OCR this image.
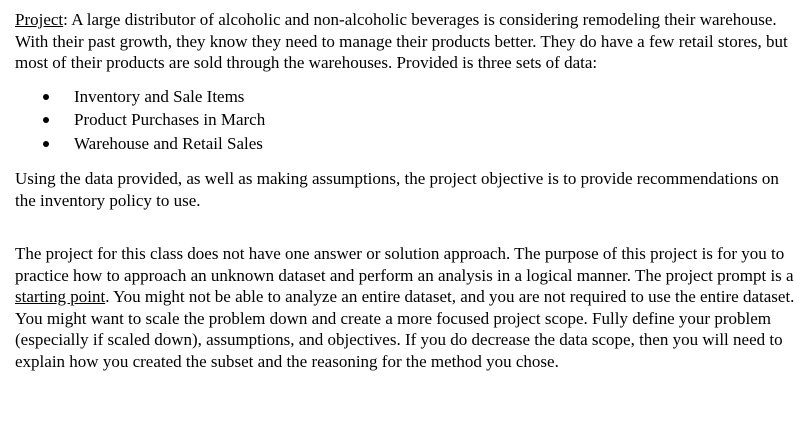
Project: A large distributor of alcoholic and non-alcoholic beverages is considering remodeling their warehouse. With their past growth, they know they need to manage their products better. They do have a few retail stores, but most of their products are sold through the warehouses. Provided is three sets of data:

Inventory and Sale Items
Product Purchases in March
Warehouse and Retail Sales

Using the data provided, as well as making assumptions, the project objective is to provide recommendations on the inventory policy to use.

The project for this class does not have one answer or solution approach. The purpose of this project is for you to practice how to approach an unknown dataset and perform an analysis in a logical manner. The project prompt is a starting point. You might not be able to analyze an entire dataset, and you are not required to use the entire dataset. You might want to scale the problem down and create a more focused project scope. Fully define your problem (especially if scaled down), assumptions, and objectives. If you do decrease the data scope, then you will need to explain how you created the subset and the reasoning for the method you chose.
